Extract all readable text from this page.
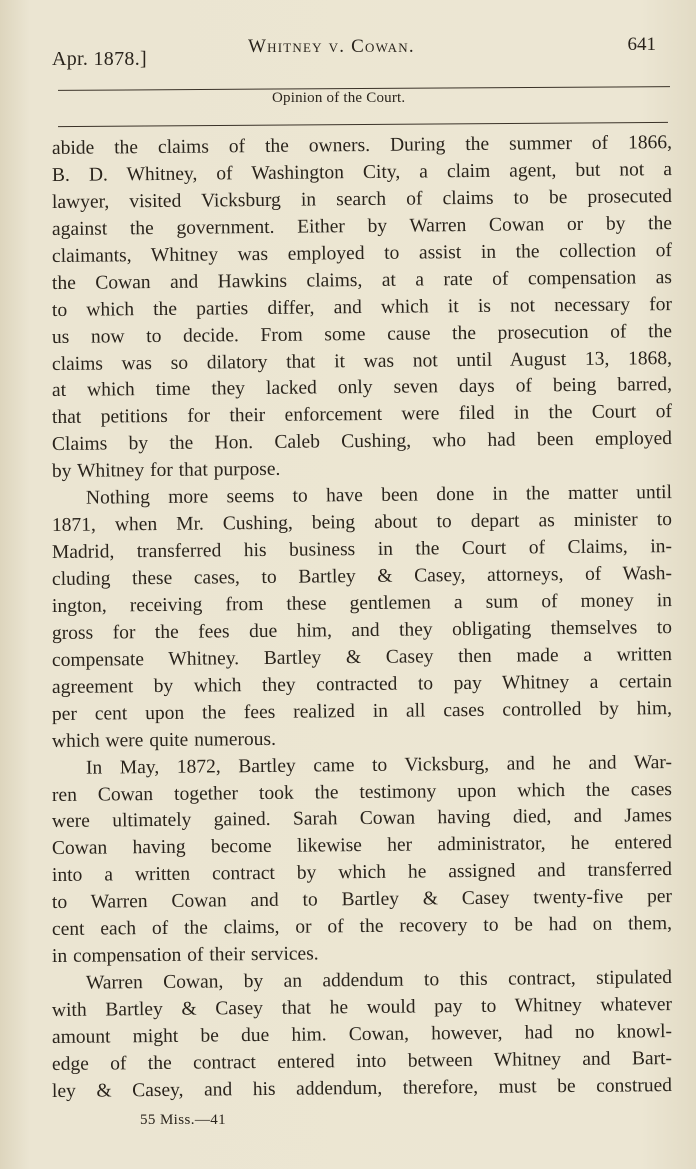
Apr. 1878.]
Whitney v. Cowan.	641
Opinion of the Court.
abide the claims of the owners. During the summer of 1866,
B. D. Whitney, of Washington City, a claim agent, but not a
lawyer, visited Vicksburg in search of claims to be prosecuted
against the government. Either by Warren Cowan or by the
claimants, Whitney was employed to assist in the collection of
the Cowan and Hawkins claims, at a rate of compensation as
to which the parties differ, and which it is not necessary for
us now to decide. From some cause the prosecution of the
claims was so dilatory that it was not until August 13, 1868,
at which time they lacked only seven days of being barred,
that petitions for their enforcement were filed in the Court of
Claims by the Hon. Caleb Cushing, who had been employed
by Whitney for that purpose.
Nothing more seems to have been done in the matter until
1871, when Mr. Cushing, being about to depart as minister to
Madrid, transferred his business in the Court of Claims, in-
cluding these cases, to Bartley & Casey, attorneys, of Wash-
ington, receiving from these gentlemen a sum of money in
gross for the fees due him, and they obligating themselves to
compensate Whitney. Bartley & Casey then made a written
agreement by which they contracted to pay Whitney a certain
per cent upon the fees realized in all cases controlled by him,
which were quite numerous.
In May, 1872, Bartley came to Vicksburg, and he and War-
ren Cowan together took the testimony upon which the cases
were ultimately gained. Sarah Cowan having died, and James
Cowan having become likewise her administrator, he entered
into a written contract by which he assigned and transferred
to Warren Cowan and to Bartley & Casey twenty-five per
cent each of the claims, or of the recovery to be had on them,
in compensation of their services.
Warren Cowan, by an addendum to this contract, stipulated
with Bartley & Casey that he would pay to Whitney whatever
amount might be due him. Cowan, however, had no knowl-
edge of the contract entered into between Whitney and Bart-
ley & Casey, and his addendum, therefore, must be construed
55 Miss.—41
